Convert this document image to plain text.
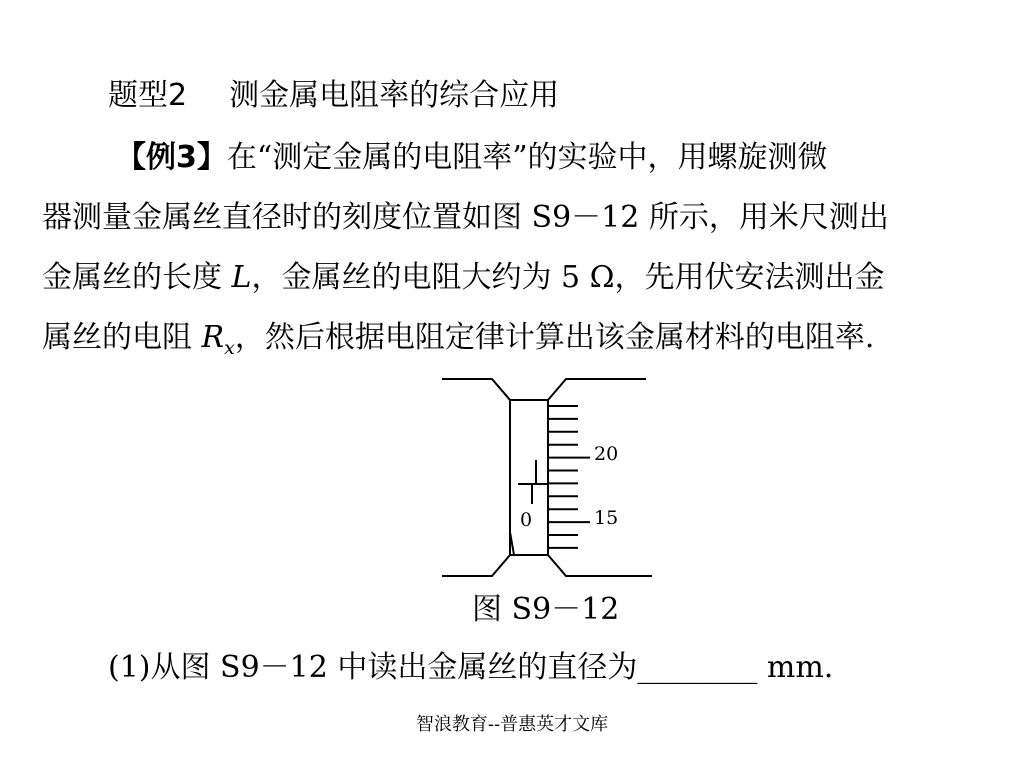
题型2 测金属电阻率的综合应用
【例3】在“测定金属的电阻率”的实验中，用螺旋测微
器测量金属丝直径时的刻度位置如图 S9－12 所示，用米尺测出
金属丝的长度 L，金属丝的电阻大约为 5 Ω，先用伏安法测出金
属丝的电阻 $R_x$，然后根据电阻定律计算出该金属材料的电阻率.
0
20
15
图 S9－12
(1)从图 S9－12 中读出金属丝的直径为________ mm.
智浪教育--普惠英才文库
